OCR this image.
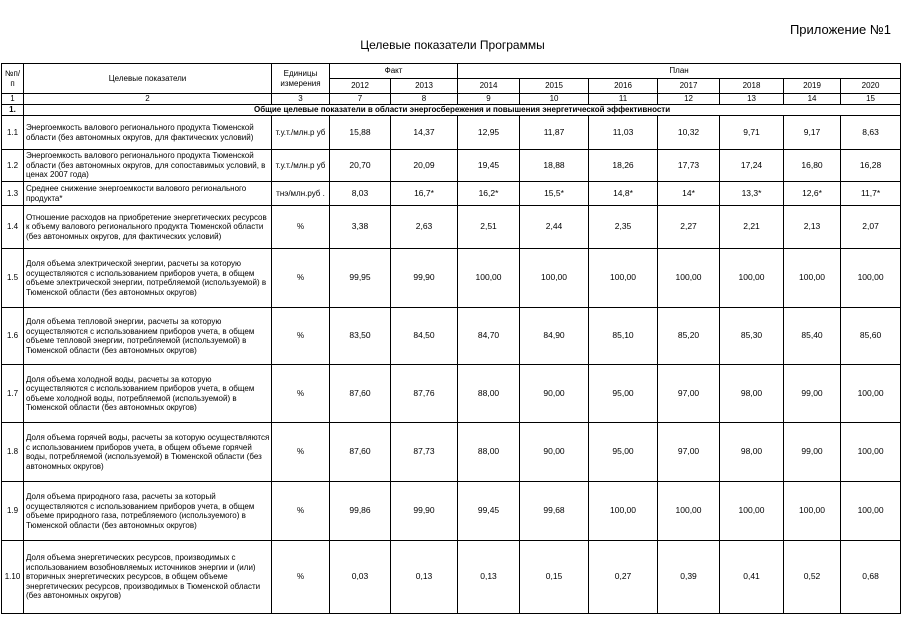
Приложение №1
Целевые показатели Программы
№п/п	Целевые показатели	Единицы измерения	Факт		План						
			2012	2013	2014	2015	2016	2017	2018	2019	2020
1	2	3	7	8	9	10	11	12	13	14	15
1.	Общие целевые показатели в области энергосбережения и повышения энергетической эффективности										
1.1	Энергоемкость валового регионального продукта Тюменской области (без автономных округов, для фактических условий)	т.у.т./млн.р уб	15,88	14,37	12,95	11,87	11,03	10,32	9,71	9,17	8,63
1.2	Энергоемкость валового регионального продукта Тюменской области (без автономных округов, для сопоставимых условий, в ценах 2007 года)	т.у.т./млн.р уб	20,70	20,09	19,45	18,88	18,26	17,73	17,24	16,80	16,28
1.3	Среднее снижение энергоемкости валового регионального продукта*	тнэ/млн.руб .	8,03	16,7*	16,2*	15,5*	14,8*	14*	13,3*	12,6*	11,7*
1.4	Отношение расходов на приобретение энергетических ресурсов к объему валового регионального продукта Тюменской области (без автономных округов, для фактических условий)	%	3,38	2,63	2,51	2,44	2,35	2,27	2,21	2,13	2,07
1.5	Доля объема электрической энергии, расчеты за которую осуществляются с использованием приборов учета, в общем объеме электрической энергии, потребляемой (используемой) в Тюменской области (без автономных округов)	%	99,95	99,90	100,00	100,00	100,00	100,00	100,00	100,00	100,00
1.6	Доля объема тепловой энергии, расчеты за которую осуществляются с использованием приборов учета, в общем объеме тепловой энергии, потребляемой (используемой) в Тюменской области (без автономных округов)	%	83,50	84,50	84,70	84,90	85,10	85,20	85,30	85,40	85,60
1.7	Доля объема холодной воды, расчеты за которую осуществляются с использованием приборов учета, в общем объеме холодной воды, потребляемой (используемой) в Тюменской области (без автономных округов)	%	87,60	87,76	88,00	90,00	95,00	97,00	98,00	99,00	100,00
1.8	Доля объема горячей воды, расчеты за которую осуществляются с использованием приборов учета, в общем объеме горячей воды, потребляемой (используемой) в Тюменской области (без автономных округов)	%	87,60	87,73	88,00	90,00	95,00	97,00	98,00	99,00	100,00
1.9	Доля объема природного газа, расчеты за который осуществляются с использованием приборов учета, в общем объеме природного газа, потребляемого (используемого) в Тюменской области (без автономных округов)	%	99,86	99,90	99,45	99,68	100,00	100,00	100,00	100,00	100,00
1.10	Доля объема энергетических ресурсов, производимых с использованием возобновляемых источников энергии и (или) вторичных энергетических ресурсов, в общем объеме энергетических ресурсов, производимых в Тюменской области (без автономных округов)	%	0,03	0,13	0,13	0,15	0,27	0,39	0,41	0,52	0,68
